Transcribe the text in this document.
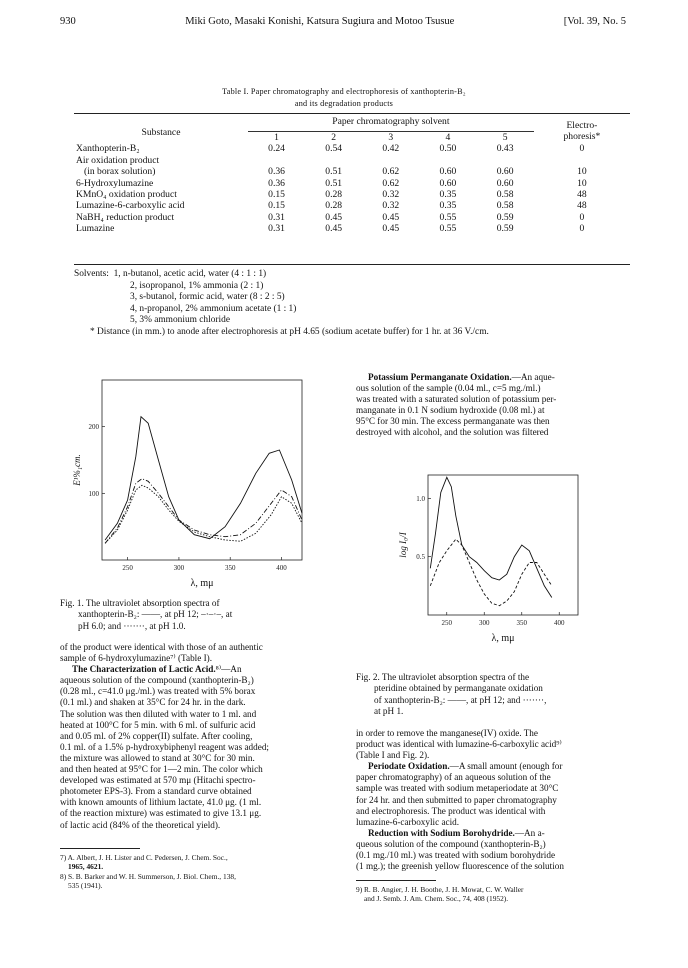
930	Miki Goto, Masaki Konishi, Katsura Sugiura and Motoo Tsusue	[Vol. 39, No. 5
Table I. Paper chromatography and electrophoresis of xanthopterin-B₂
and its degradation products
Substance	Paper chromatography solvent					Electro-
	1	2	3	4	5	phoresis*

Xanthopterin-B₂	0.24	0.54	0.42	0.50	0.43	0

Air oxidation product
(in borax solution)	0.36	0.51	0.62	0.60	0.60	10

6-Hydroxylumazine	0.36	0.51	0.62	0.60	0.60	10

KMnO₄ oxidation product	0.15	0.28	0.32	0.35	0.58	48

Lumazine-6-carboxylic acid	0.15	0.28	0.32	0.35	0.58	48

NaBH₄ reduction product	0.31	0.45	0.45	0.55	0.59	0

Lumazine	0.31	0.45	0.45	0.55	0.59	0
Solvents: 1, n-butanol, acetic acid, water (4 : 1 : 1)
2, isopropanol, 1% ammonia (2 : 1)
3, s-butanol, formic acid, water (8 : 2 : 5)
4, n-propanol, 2% ammonium acetate (1 : 1)
5, 3% ammonium chloride
* Distance (in mm.) to anode after electrophoresis at pH 4.65 (sodium acetate buffer) for 1 hr. at 36 V./cm.
250	300	350	400
100
200
λ, mμ
E¹%₁cm.
Fig. 1. The ultraviolet absorption spectra of
xanthopterin-B₂: ——, at pH 12; –·–·–, at
pH 6.0; and ·······, at pH 1.0.
Potassium Permanganate Oxidation.—An aque-
ous solution of the sample (0.04 ml., c=5 mg./ml.)
was treated with a saturated solution of potassium per-
manganate in 0.1 N sodium hydroxide (0.08 ml.) at
95°C for 30 min. The excess permanganate was then
destroyed with alcohol, and the solution was filtered
250	300	350	400
0.5
1.0
λ, mμ
log I₀/I
Fig. 2. The ultraviolet absorption spectra of the
pteridine obtained by permanganate oxidation
of xanthopterin-B₂: ——, at pH 12; and ·······,
at pH 1.
of the product were identical with those of an authentic
sample of 6-hydroxylumazine⁷⁾ (Table I).
The Characterization of Lactic Acid.⁸⁾—An
aqueous solution of the compound (xanthopterin-B₂)
(0.28 ml., c=41.0 μg./ml.) was treated with 5% borax
(0.1 ml.) and shaken at 35°C for 24 hr. in the dark.
The solution was then diluted with water to 1 ml. and
heated at 100°C for 5 min. with 6 ml. of sulfuric acid
and 0.05 ml. of 2% copper(II) sulfate. After cooling,
0.1 ml. of a 1.5% p-hydroxybiphenyl reagent was added;
the mixture was allowed to stand at 30°C for 30 min.
and then heated at 95°C for 1—2 min. The color which
developed was estimated at 570 mμ (Hitachi spectro-
photometer EPS-3). From a standard curve obtained
with known amounts of lithium lactate, 41.0 μg. (1 ml.
of the reaction mixture) was estimated to give 13.1 μg.
of lactic acid (84% of the theoretical yield).
7) A. Albert, J. H. Lister and C. Pedersen, J. Chem. Soc.,
1965, 4621.
8) S. B. Barker and W. H. Summerson, J. Biol. Chem., 138,
535 (1941).
in order to remove the manganese(IV) oxide. The
product was identical with lumazine-6-carboxylic acid⁹⁾
(Table I and Fig. 2).
Periodate Oxidation.—A small amount (enough for
paper chromatography) of an aqueous solution of the
sample was treated with sodium metaperiodate at 30°C
for 24 hr. and then submitted to paper chromatography
and electrophoresis. The product was identical with
lumazine-6-carboxylic acid.
Reduction with Sodium Borohydride.—An a-
queous solution of the compound (xanthopterin-B₂)
(0.1 mg./10 ml.) was treated with sodium borohydride
(1 mg.); the greenish yellow fluorescence of the solution
9) R. B. Angier, J. H. Boothe, J. H. Mowat, C. W. Waller
and J. Semb. J. Am. Chem. Soc., 74, 408 (1952).
